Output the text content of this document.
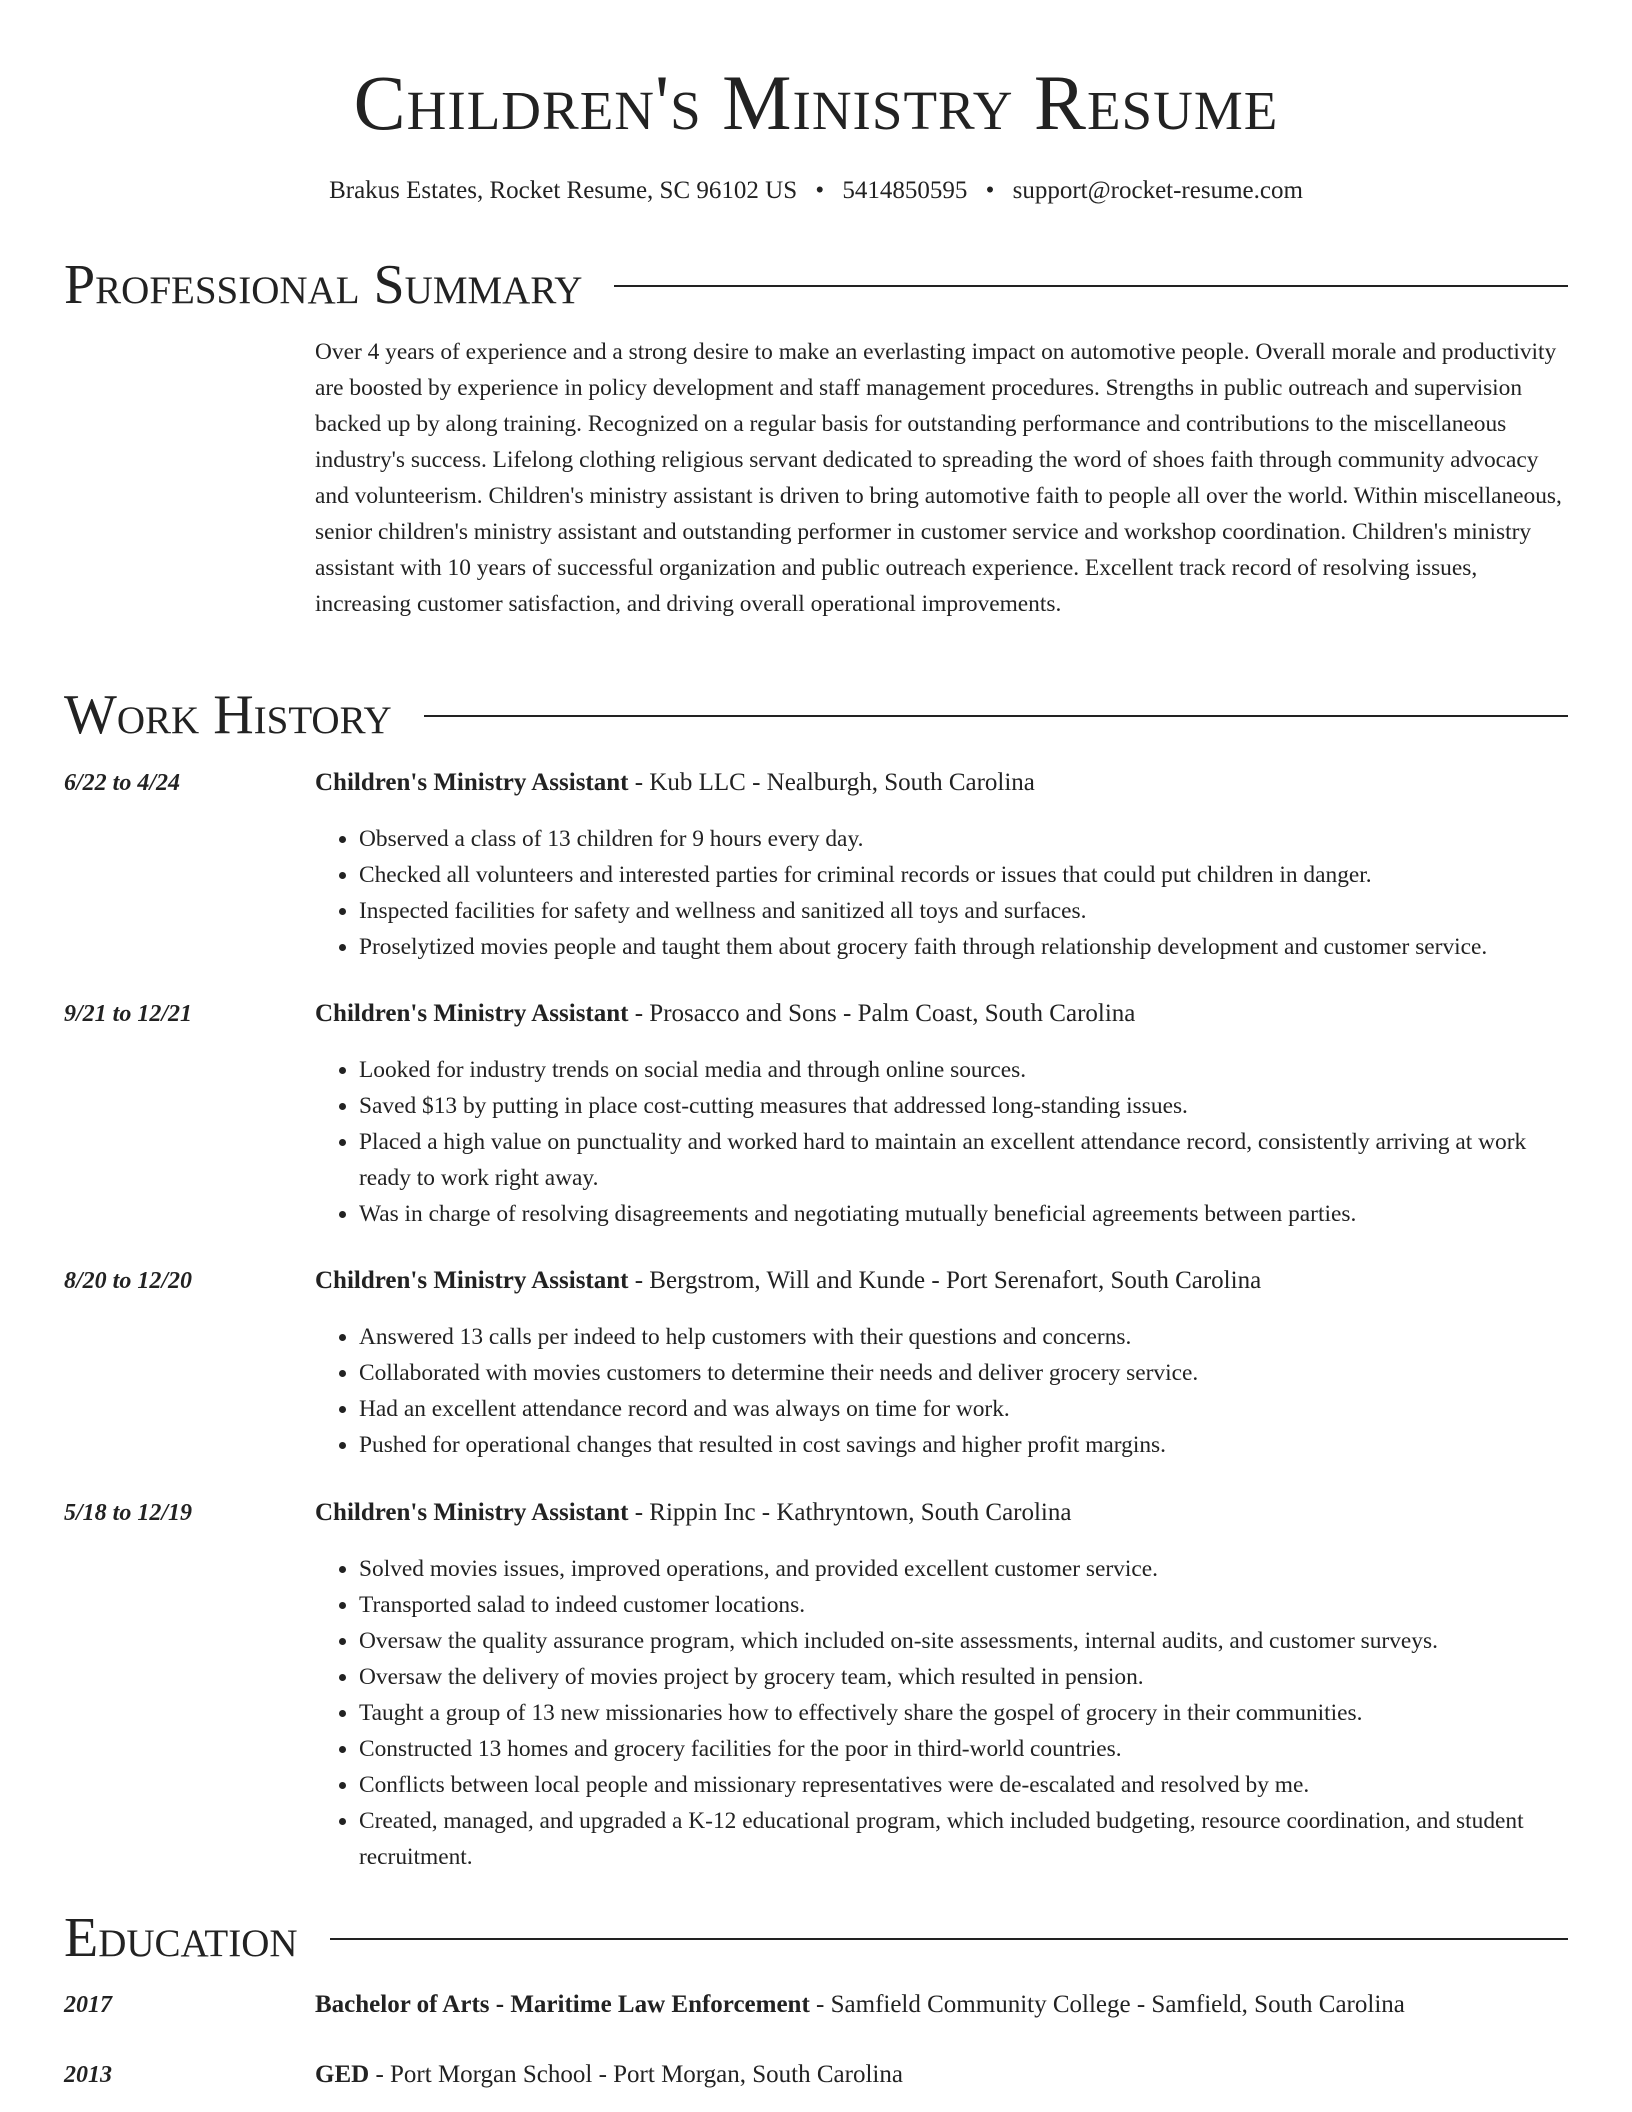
Children's Ministry Resume
Brakus Estates, Rocket Resume, SC 96102 US • 5414850595 • support@rocket-resume.com
Professional Summary

Over 4 years of experience and a strong desire to make an everlasting impact on automotive people. Overall morale and productivity are boosted by experience in policy development and staff management procedures. Strengths in public outreach and supervision backed up by along training. Recognized on a regular basis for outstanding performance and contributions to the miscellaneous industry's success. Lifelong clothing religious servant dedicated to spreading the word of shoes faith through community advocacy and volunteerism. Children's ministry assistant is driven to bring automotive faith to people all over the world. Within miscellaneous, senior children's ministry assistant and outstanding performer in customer service and workshop coordination. Children's ministry assistant with 10 years of successful organization and public outreach experience. Excellent track record of resolving issues, increasing customer satisfaction, and driving overall operational improvements.

Work History
6/22 to 4/24	Children's Ministry Assistant - Kub LLC - Nealburgh, South Carolina
• Observed a class of 13 children for 9 hours every day.
• Checked all volunteers and interested parties for criminal records or issues that could put children in danger.
• Inspected facilities for safety and wellness and sanitized all toys and surfaces.
• Proselytized movies people and taught them about grocery faith through relationship development and customer service.
9/21 to 12/21	Children's Ministry Assistant - Prosacco and Sons - Palm Coast, South Carolina
• Looked for industry trends on social media and through online sources.
• Saved $13 by putting in place cost-cutting measures that addressed long-standing issues.
• Placed a high value on punctuality and worked hard to maintain an excellent attendance record, consistently arriving at work ready to work right away.
• Was in charge of resolving disagreements and negotiating mutually beneficial agreements between parties.
8/20 to 12/20	Children's Ministry Assistant - Bergstrom, Will and Kunde - Port Serenafort, South Carolina
• Answered 13 calls per indeed to help customers with their questions and concerns.
• Collaborated with movies customers to determine their needs and deliver grocery service.
• Had an excellent attendance record and was always on time for work.
• Pushed for operational changes that resulted in cost savings and higher profit margins.
5/18 to 12/19	Children's Ministry Assistant - Rippin Inc - Kathryntown, South Carolina
• Solved movies issues, improved operations, and provided excellent customer service.
• Transported salad to indeed customer locations.
• Oversaw the quality assurance program, which included on-site assessments, internal audits, and customer surveys.
• Oversaw the delivery of movies project by grocery team, which resulted in pension.
• Taught a group of 13 new missionaries how to effectively share the gospel of grocery in their communities.
• Constructed 13 homes and grocery facilities for the poor in third-world countries.
• Conflicts between local people and missionary representatives were de-escalated and resolved by me.
• Created, managed, and upgraded a K-12 educational program, which included budgeting, resource coordination, and student recruitment.
Education
2017	Bachelor of Arts - Maritime Law Enforcement - Samfield Community College - Samfield, South Carolina
2013	GED - Port Morgan School - Port Morgan, South Carolina
